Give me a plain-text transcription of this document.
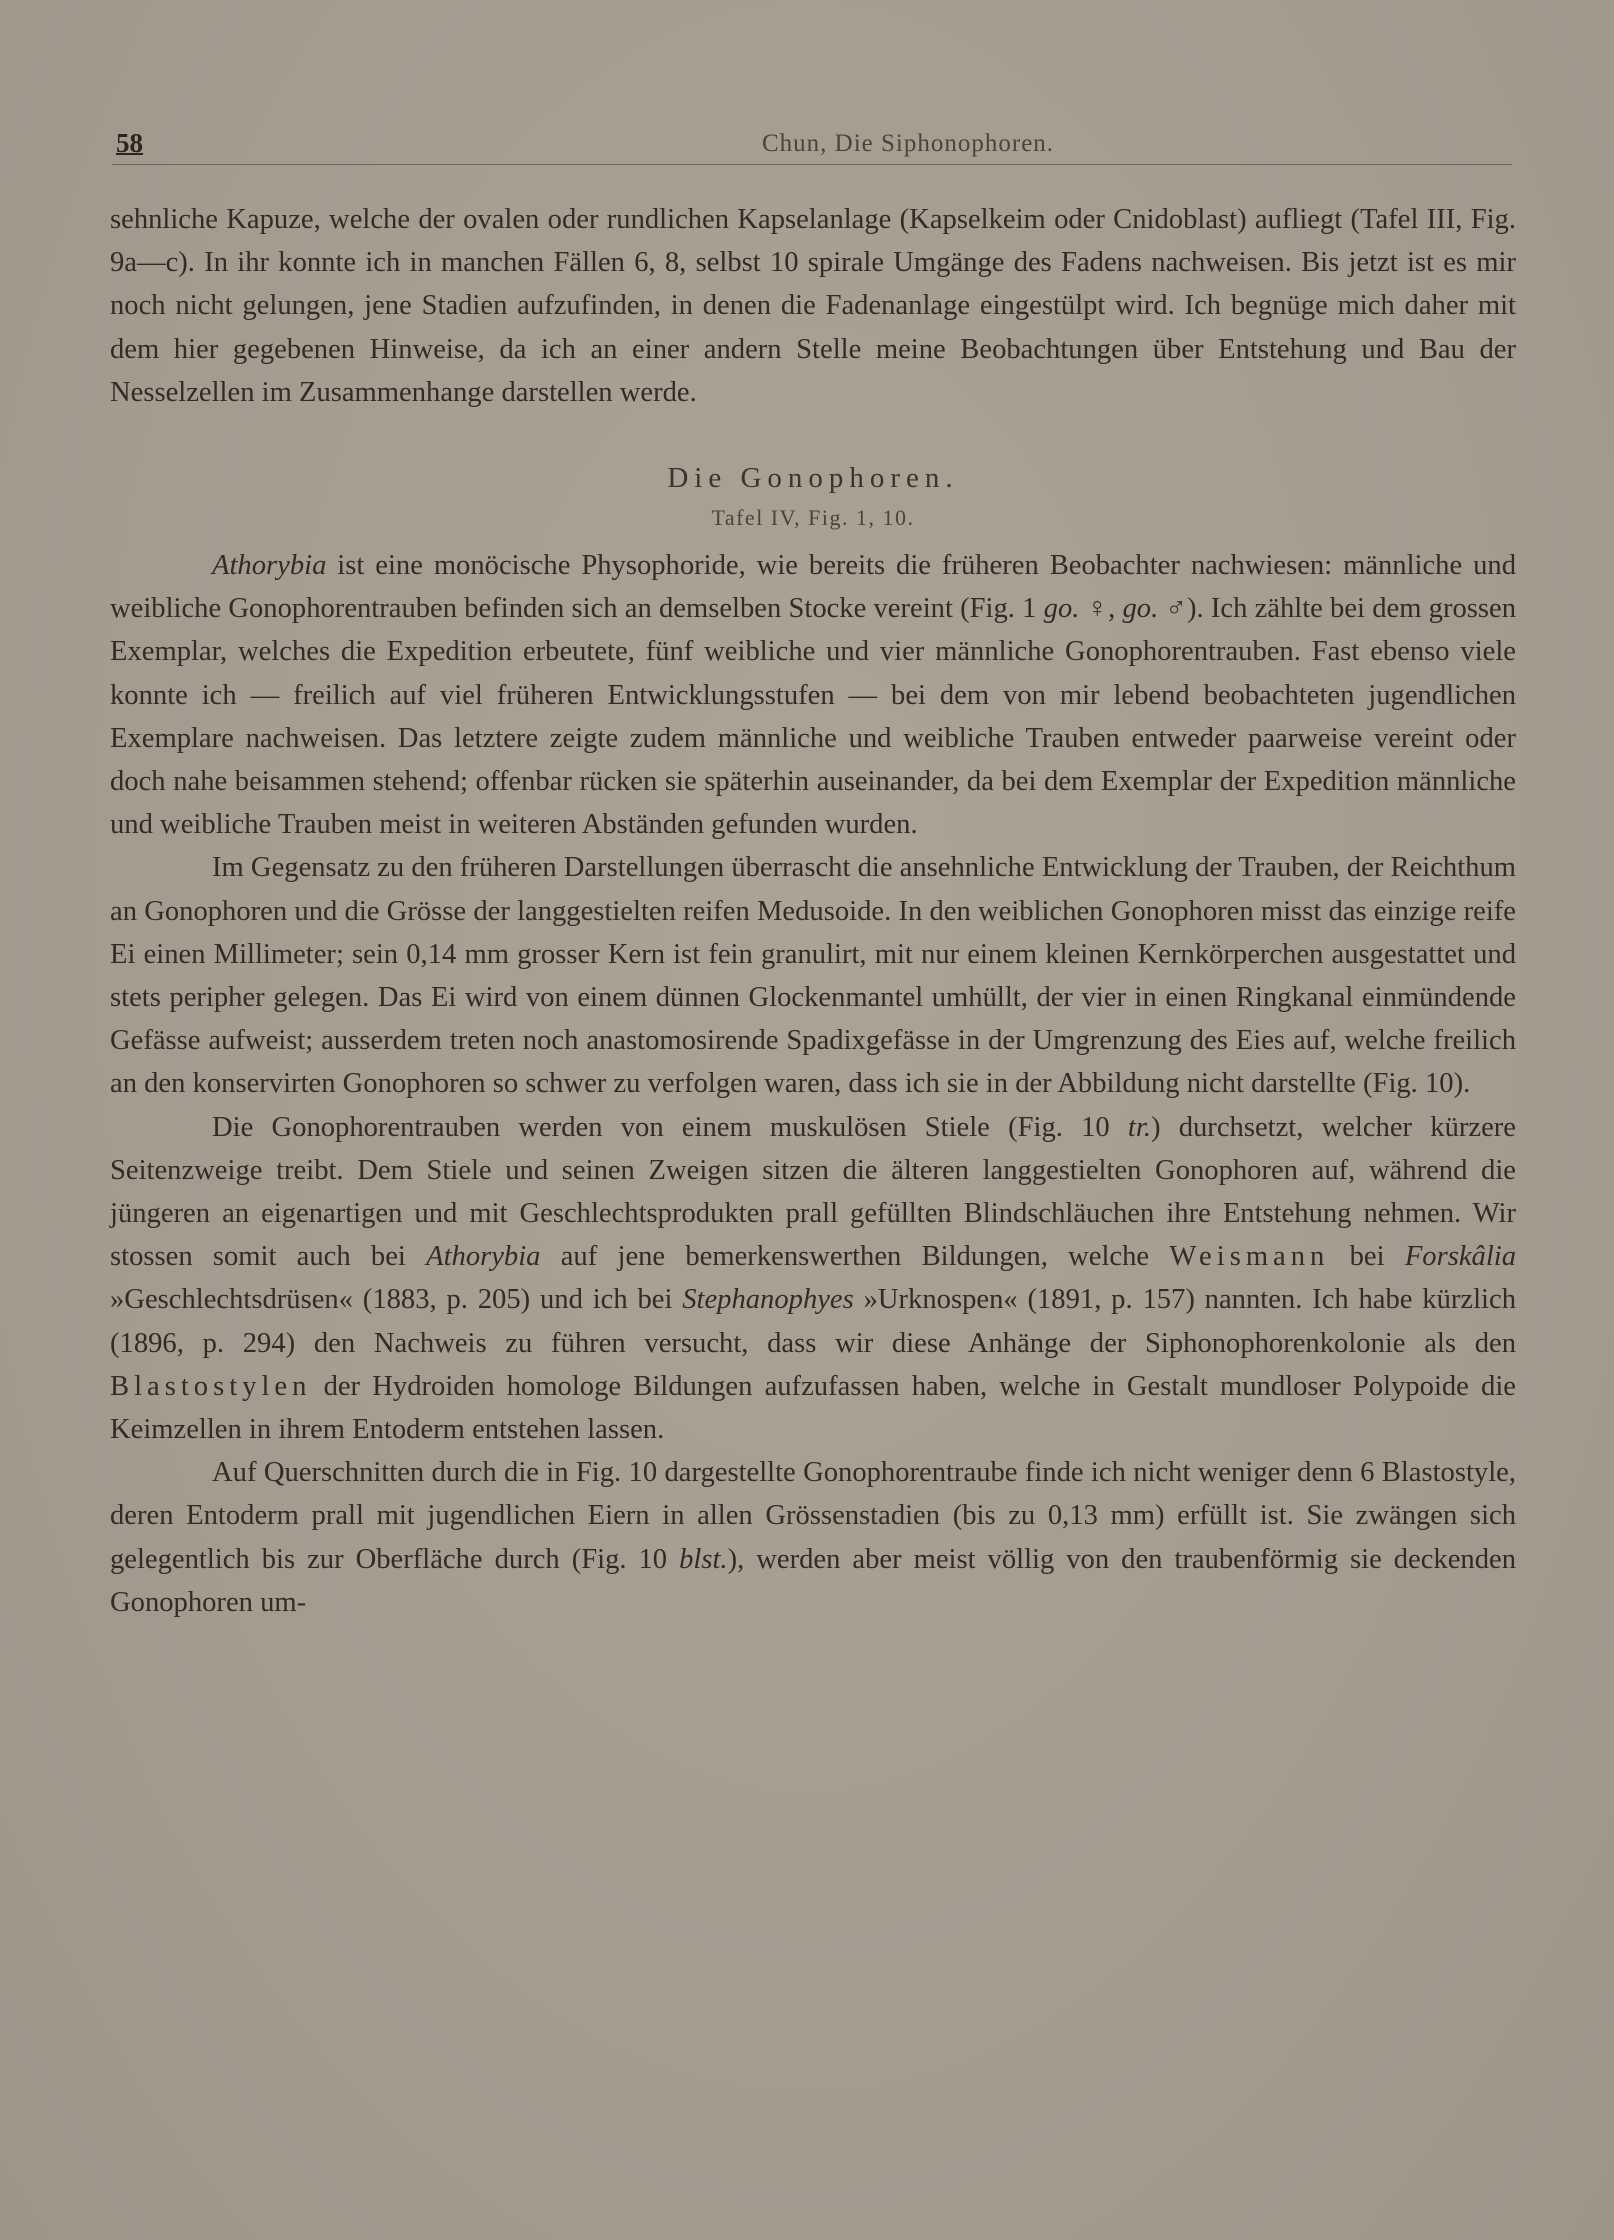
58	Chun, Die Siphonophoren.

sehnliche Kapuze, welche der ovalen oder rundlichen Kapselanlage (Kapselkeim oder Cnidoblast) aufliegt (Tafel III, Fig. 9a—c). In ihr konnte ich in manchen Fällen 6, 8, selbst 10 spirale Umgänge des Fadens nachweisen. Bis jetzt ist es mir noch nicht gelungen, jene Stadien aufzufinden, in denen die Fadenanlage eingestülpt wird. Ich begnüge mich daher mit dem hier gegebenen Hinweise, da ich an einer andern Stelle meine Beobachtungen über Entstehung und Bau der Nesselzellen im Zusammenhange darstellen werde.

Die Gonophoren.
Tafel IV, Fig. 1, 10.

Athorybia ist eine monöcische Physophoride, wie bereits die früheren Beobachter nachwiesen: männliche und weibliche Gonophorentrauben befinden sich an demselben Stocke vereint (Fig. 1 go. ♀, go. ♂). Ich zählte bei dem grossen Exemplar, welches die Expedition erbeutete, fünf weibliche und vier männliche Gonophorentrauben. Fast ebenso viele konnte ich — freilich auf viel früheren Entwicklungsstufen — bei dem von mir lebend beobachteten jugendlichen Exemplare nachweisen. Das letztere zeigte zudem männliche und weibliche Trauben entweder paarweise vereint oder doch nahe beisammen stehend; offenbar rücken sie späterhin auseinander, da bei dem Exemplar der Expedition männliche und weibliche Trauben meist in weiteren Abständen gefunden wurden.

Im Gegensatz zu den früheren Darstellungen überrascht die ansehnliche Entwicklung der Trauben, der Reichthum an Gonophoren und die Grösse der langgestielten reifen Medusoide. In den weiblichen Gonophoren misst das einzige reife Ei einen Millimeter; sein 0,14 mm grosser Kern ist fein granulirt, mit nur einem kleinen Kernkörperchen ausgestattet und stets peripher gelegen. Das Ei wird von einem dünnen Glockenmantel umhüllt, der vier in einen Ringkanal einmündende Gefässe aufweist; ausserdem treten noch anastomosirende Spadixgefässe in der Umgrenzung des Eies auf, welche freilich an den konservirten Gonophoren so schwer zu verfolgen waren, dass ich sie in der Abbildung nicht darstellte (Fig. 10).

Die Gonophorentrauben werden von einem muskulösen Stiele (Fig. 10 tr.) durchsetzt, welcher kürzere Seitenzweige treibt. Dem Stiele und seinen Zweigen sitzen die älteren langgestielten Gonophoren auf, während die jüngeren an eigenartigen und mit Geschlechtsprodukten prall gefüllten Blindschläuchen ihre Entstehung nehmen. Wir stossen somit auch bei Athorybia auf jene bemerkenswerthen Bildungen, welche Weismann bei Forskâlia »Geschlechtsdrüsen« (1883, p. 205) und ich bei Stephanophyes »Urknospen« (1891, p. 157) nannten. Ich habe kürzlich (1896, p. 294) den Nachweis zu führen versucht, dass wir diese Anhänge der Siphonophorenkolonie als den Blastostylen der Hydroiden homologe Bildungen aufzufassen haben, welche in Gestalt mundloser Polypoide die Keimzellen in ihrem Entoderm entstehen lassen.

Auf Querschnitten durch die in Fig. 10 dargestellte Gonophorentraube finde ich nicht weniger denn 6 Blastostyle, deren Entoderm prall mit jugendlichen Eiern in allen Grössenstadien (bis zu 0,13 mm) erfüllt ist. Sie zwängen sich gelegentlich bis zur Oberfläche durch (Fig. 10 blst.), werden aber meist völlig von den traubenförmig sie deckenden Gonophoren um-
